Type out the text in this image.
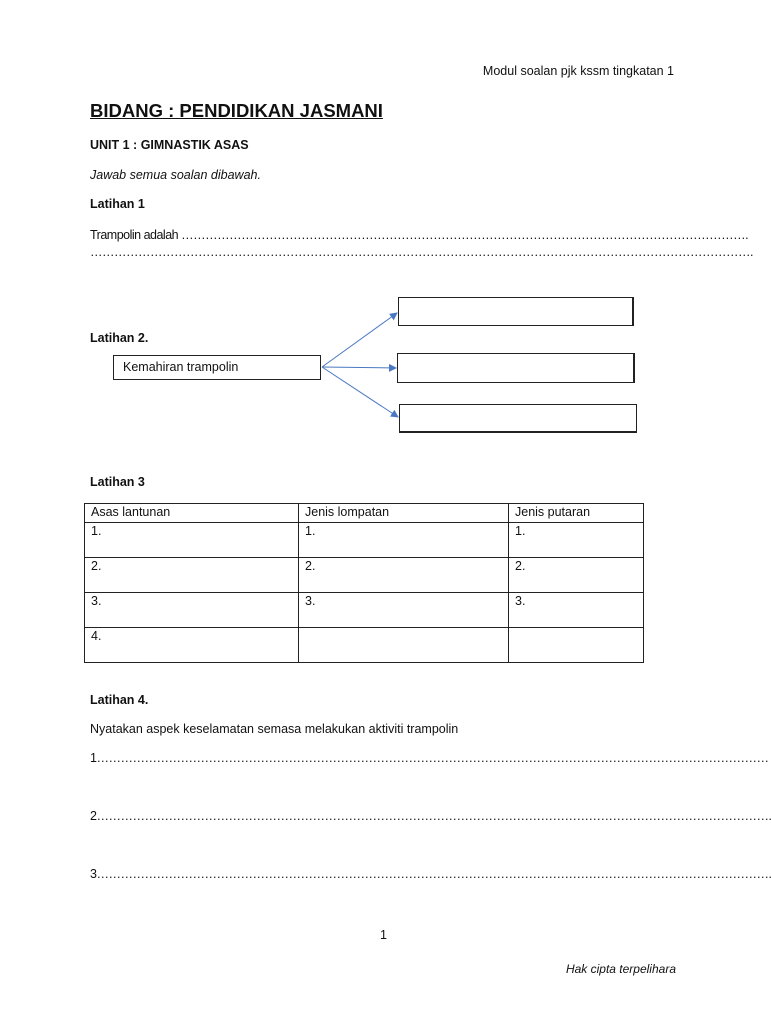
Modul soalan pjk kssm tingkatan 1
BIDANG : PENDIDIKAN JASMANI
UNIT 1 : GIMNASTIK ASAS
Jawab semua soalan dibawah.
Latihan 1
Trampolin adalah …………………………………………………………………………………………………………………………….
………………………………………………………………………………………………………………………………………………….
Latihan 2.
Kemahiran trampolin
Latihan 3
Asas lantunan	Jenis lompatan	Jenis putaran
1.	1.	1.
2.	2.	2.
3.	3.	3.
4.		
Latihan 4.
Nyatakan aspek keselamatan semasa melakukan aktiviti trampolin
1……………………………………………………………………………………………………………………………………………………
2…………………………………………………………………………………………………………………………………………………….
3…………………………………………………………………………………………………………………………………………………….
1
Hak cipta terpelihara
